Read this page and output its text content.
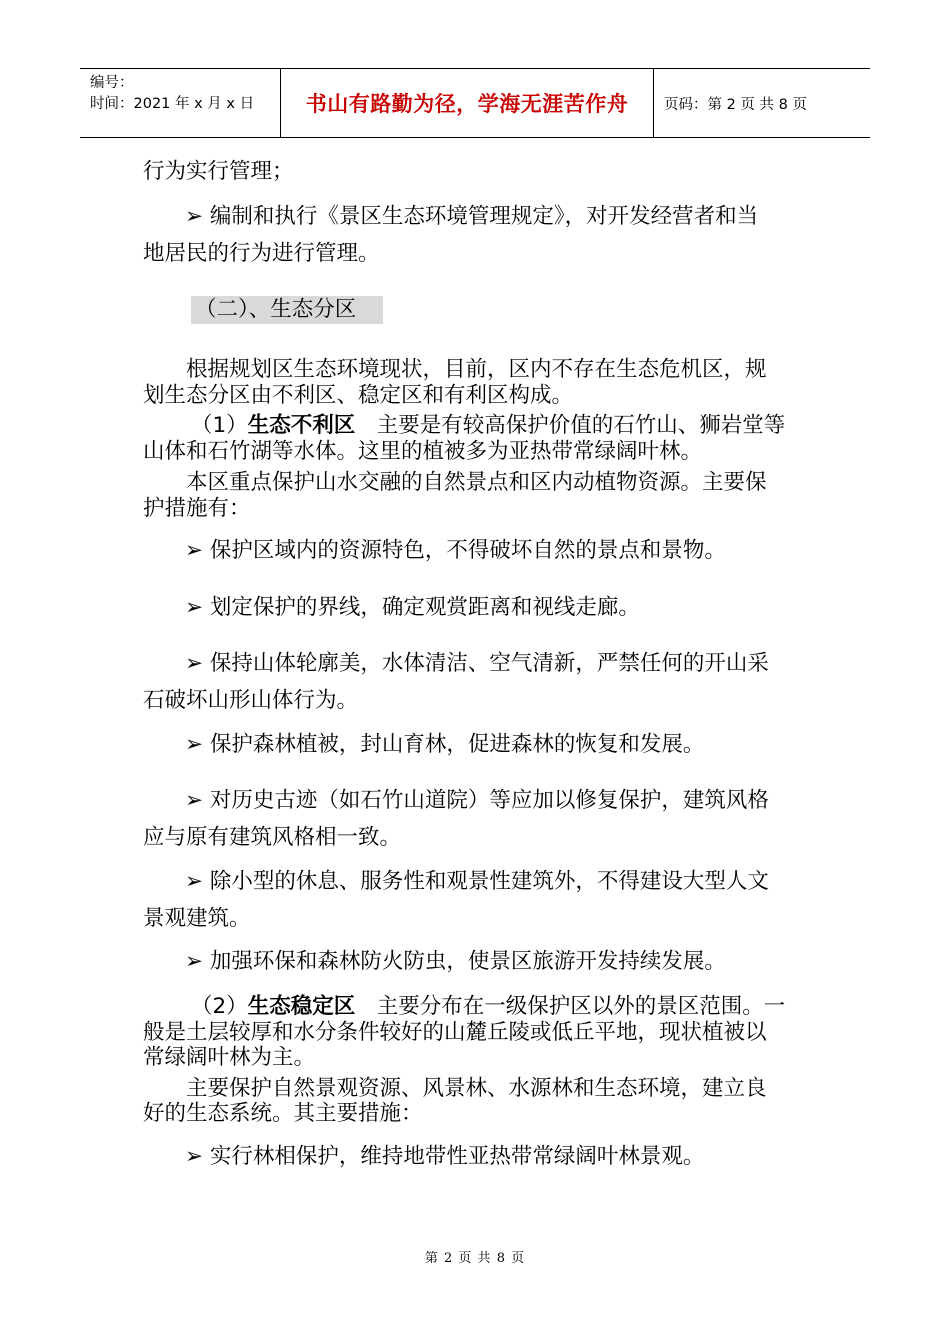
编号：
时间：2021 年 x 月 x 日	书山有路勤为径，学海无涯苦作舟 页码：第 2 页 共 8 页
行为实行管理；
➢ 编制和执行《景区生态环境管理规定》，对开发经营者和当
地居民的行为进行管理。
（二）、生态分区
根据规划区生态环境现状，目前，区内不存在生态危机区，规
划生态分区由不利区、稳定区和有利区构成。
（1）生态不利区　主要是有较高保护价值的石竹山、狮岩堂等
山体和石竹湖等水体。这里的植被多为亚热带常绿阔叶林。
本区重点保护山水交融的自然景点和区内动植物资源。主要保
护措施有：
➢ 保护区域内的资源特色，不得破坏自然的景点和景物。
➢ 划定保护的界线，确定观赏距离和视线走廊。
➢ 保持山体轮廓美，水体清洁、空气清新，严禁任何的开山采
石破坏山形山体行为。
➢ 保护森林植被，封山育林，促进森林的恢复和发展。
➢ 对历史古迹（如石竹山道院）等应加以修复保护，建筑风格
应与原有建筑风格相一致。
➢ 除小型的休息、服务性和观景性建筑外，不得建设大型人文
景观建筑。
➢ 加强环保和森林防火防虫，使景区旅游开发持续发展。
（2）生态稳定区　主要分布在一级保护区以外的景区范围。一
般是土层较厚和水分条件较好的山麓丘陵或低丘平地，现状植被以
常绿阔叶林为主。
主要保护自然景观资源、风景林、水源林和生态环境，建立良
好的生态系统。其主要措施：
➢ 实行林相保护，维持地带性亚热带常绿阔叶林景观。
第 2 页 共 8 页
